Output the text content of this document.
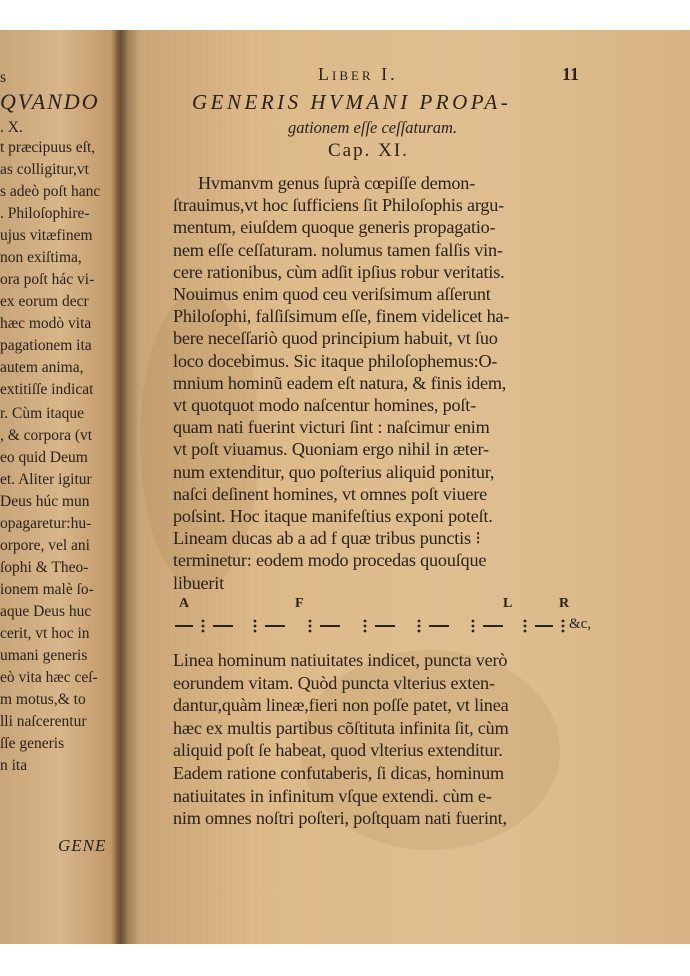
GENE
s
QVANDO
. X.
t præcipuus eſt,
as colligitur,vt
s adeò poſt hanc
. Philoſophire-
ujus vitæfinem
non exiſtima,
ora poſt hác vi-
ex eorum decr
hæc modò vita
pagationem ita
autem anima,
extitiſſe indicat
r. Cùm itaque
, & corpora (vt
eo quid Deum
et. Aliter igitur
Deus húc mun
opagaretur:hu-
orpore, vel ani
ſophi & Theo-
ionem malè ſo-
aque Deus huc
cerit, vt hoc in
umani generis
eò vita hæc ceſ-
m motus,& to
lli naſcerentur
ſſe generis
n ita
Liber I.	11
GENERIS HVMANI PROPA-
gationem eſſe ceſſaturam.
Cap. XI.
Hvmanvm genus ſuprà cœpiſſe demon-
ſtrauimus,vt hoc ſufficiens ſit Philoſophis argu-
mentum, eiuſdem quoque generis propagatio-
nem eſſe ceſſaturam. nolumus tamen falſis vin-
cere rationibus, cùm adſit ipſius robur veritatis.
Nouimus enim quod ceu veriſsimum aſſerunt
Philoſophi, falſiſsimum eſſe, finem videlicet ha-
bere neceſſariò quod principium habuit, vt ſuo
loco docebimus. Sic itaque philoſophemus:O-
mnium hominũ eadem eſt natura, & finis idem,
vt quotquot modo naſcentur homines, poſt-
quam nati fuerint victuri ſint : naſcimur enim
vt poſt viuamus. Quoniam ergo nihil in æter-
num extenditur, quo poſterius aliquid ponitur,
naſci deſinent homines, vt omnes poſt viuere
poſsint. Hoc itaque manifeſtius exponi poteſt.
Lineam ducas ab a ad f quæ tribus punctis ⁝
terminetur: eodem modo procedas quouſque
libuerit
A	F	L	R
&c,
Linea hominum natiuitates indicet, puncta verò
eorundem vitam. Quòd puncta vlterius exten-
dantur,quàm lineæ,fieri non poſſe patet, vt linea
hæc ex multis partibus cõſtituta infinita ſit, cùm
aliquid poſt ſe habeat, quod vlterius extenditur.
Eadem ratione confutaberis, ſi dicas, hominum
natiuitates in infinitum vſque extendi. cùm e-
nim omnes noſtri poſteri, poſtquam nati fuerint,
